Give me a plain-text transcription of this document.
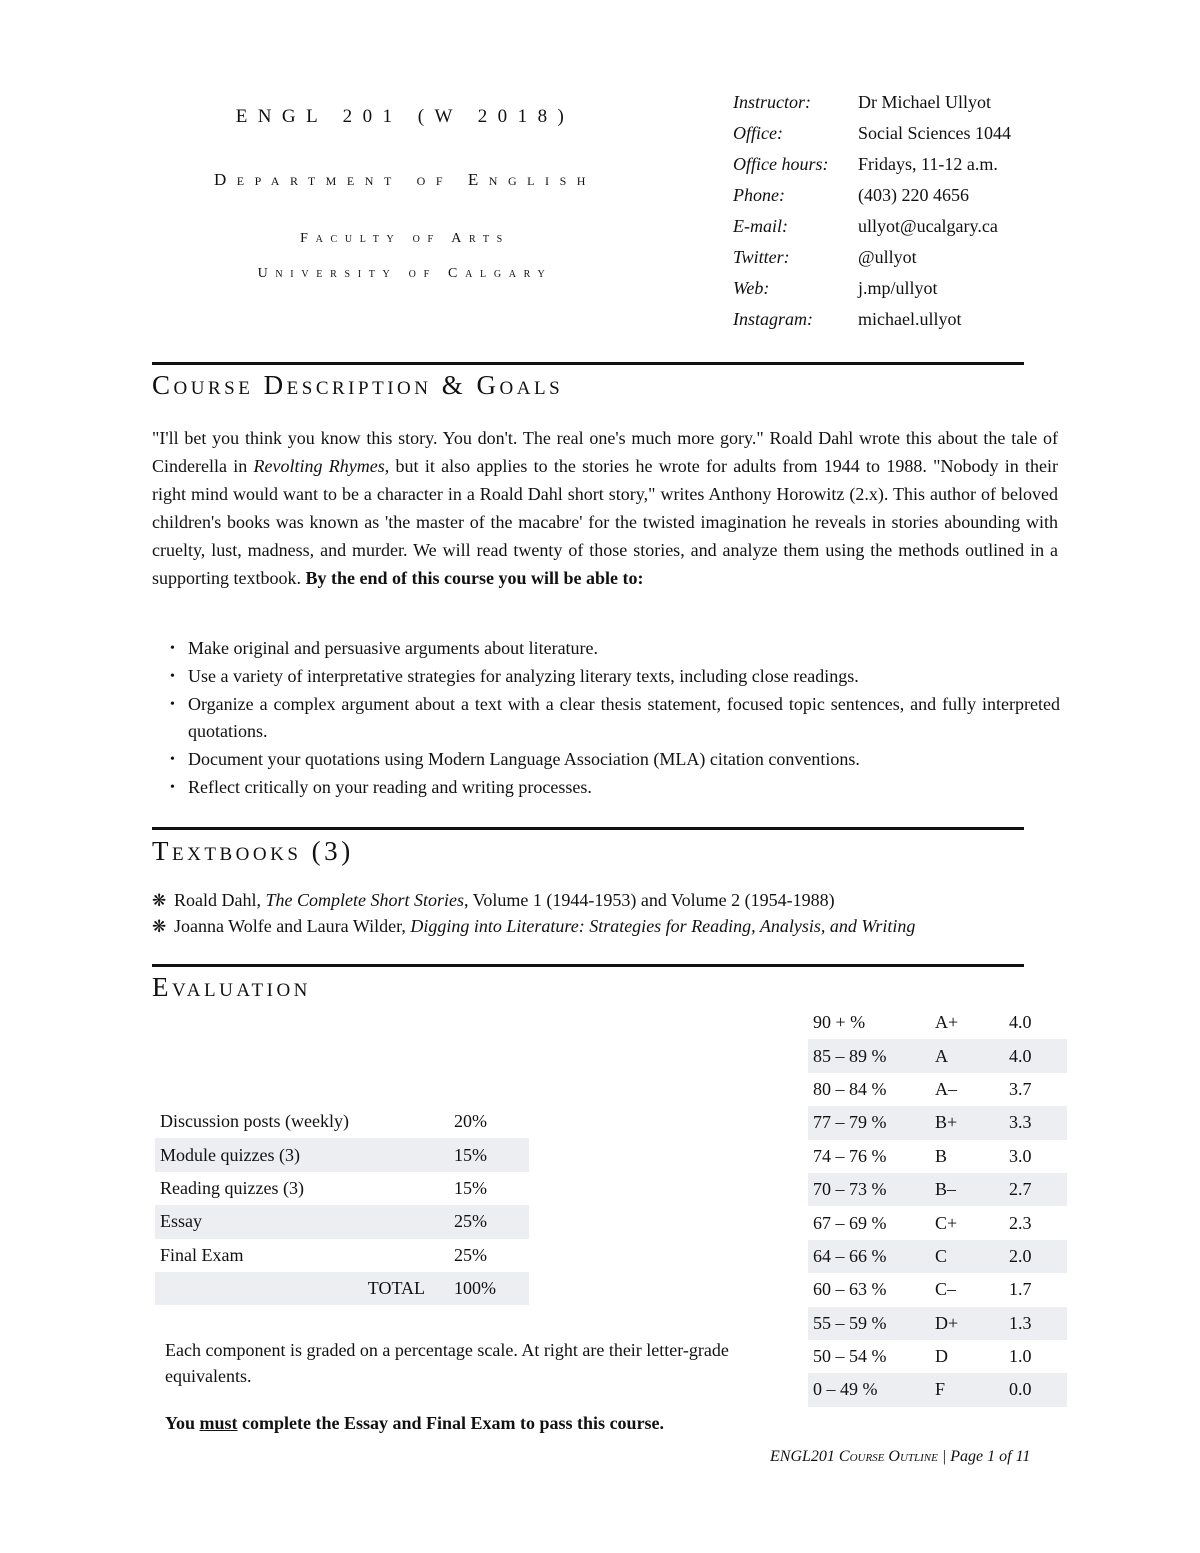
ENGL 201 (W 2018)
Department of English
Faculty of Arts
University of Calgary
Instructor:	Dr Michael Ullyot
Office:	Social Sciences 1044
Office hours:	Fridays, 11-12 a.m.
Phone:	(403) 220 4656
E-mail:	ullyot@ucalgary.ca
Twitter:	@ullyot
Web:	j.mp/ullyot
Instagram:	michael.ullyot
Course Description & Goals
"I'll bet you think you know this story. You don't. The real one's much more gory." Roald Dahl wrote this about the tale of Cinderella in Revolting Rhymes, but it also applies to the stories he wrote for adults from 1944 to 1988. "Nobody in their right mind would want to be a character in a Roald Dahl short story," writes Anthony Horowitz (2.x). This author of beloved children's books was known as 'the master of the macabre' for the twisted imagination he reveals in stories abounding with cruelty, lust, madness, and murder. We will read twenty of those stories, and analyze them using the methods outlined in a supporting textbook. By the end of this course you will be able to:
• Make original and persuasive arguments about literature.
• Use a variety of interpretative strategies for analyzing literary texts, including close readings.
• Organize a complex argument about a text with a clear thesis statement, focused topic sentences, and fully interpreted quotations.
• Document your quotations using Modern Language Association (MLA) citation conventions.
• Reflect critically on your reading and writing processes.
Textbooks (3)
❋ Roald Dahl, The Complete Short Stories, Volume 1 (1944-1953) and Volume 2 (1954-1988)
❋ Joanna Wolfe and Laura Wilder, Digging into Literature: Strategies for Reading, Analysis, and Writing
Evaluation
Discussion posts (weekly)	20%
Module quizzes (3)	15%
Reading quizzes (3)	15%
Essay	25%
Final Exam	25%
TOTAL	100%
Each component is graded on a percentage scale. At right are their letter-grade equivalents.
You must complete the Essay and Final Exam to pass this course.
90 + %	A+	4.0
85 – 89 %	A	4.0
80 – 84 %	A–	3.7
77 – 79 %	B+	3.3
74 – 76 %	B	3.0
70 – 73 %	B–	2.7
67 – 69 %	C+	2.3
64 – 66 %	C	2.0
60 – 63 %	C–	1.7
55 – 59 %	D+	1.3
50 – 54 %	D	1.0
0 – 49 %	F	0.0
ENGL201 Course Outline | Page 1 of 11
